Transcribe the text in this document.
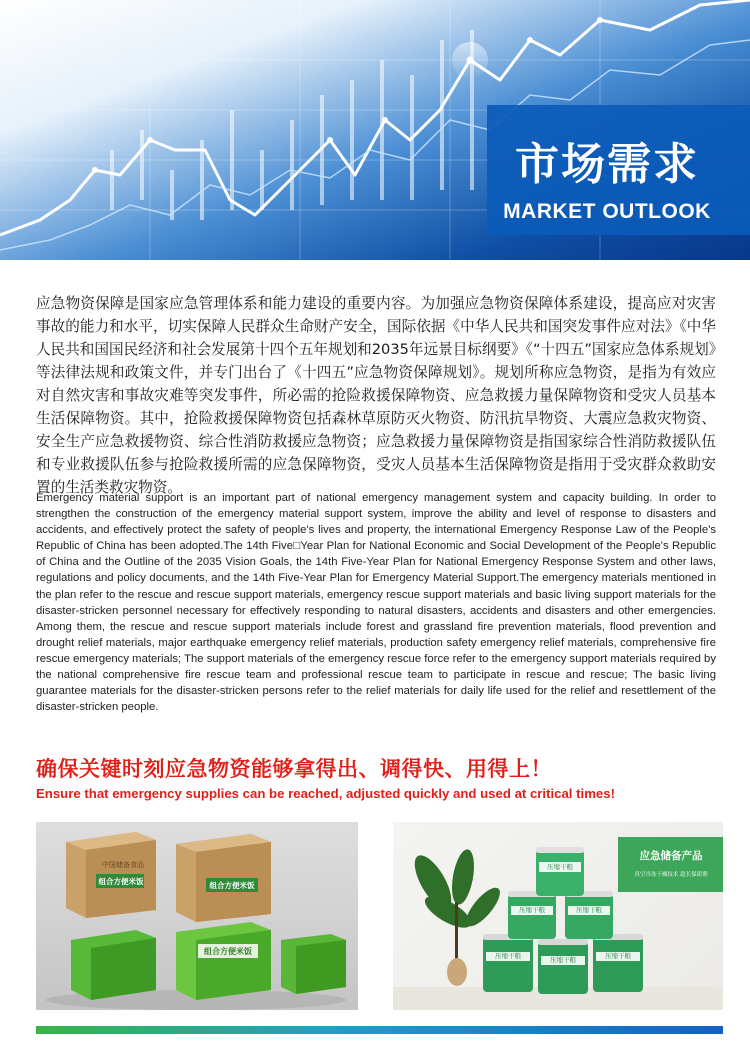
市场需求
MARKET OUTLOOK

应急物资保障是国家应急管理体系和能力建设的重要内容。为加强应急物资保障体系建设，提高应对灾害事故的能力和水平，切实保障人民群众生命财产安全，国际依据《中华人民共和国突发事件应对法》《中华人民共和国国民经济和社会发展第十四个五年规划和2035年远景目标纲要》《“十四五”国家应急体系规划》等法律法规和政策文件，并专门出台了《十四五”应急物资保障规划》。规划所称应急物资，是指为有效应对自然灾害和事故灾难等突发事件，所必需的抢险救援保障物资、应急救援力量保障物资和受灾人员基本生活保障物资。其中，抢险救援保障物资包括森林草原防灭火物资、防汛抗旱物资、大震应急救灾物资、安全生产应急救援物资、综合性消防救援应急物资；应急救援力量保障物资是指国家综合性消防救援队伍和专业救援队伍参与抢险救援所需的应急保障物资，受灾人员基本生活保障物资是指用于受灾群众救助安置的生活类救灾物资。

Emergency material support is an important part of national emergency management system and capacity building. In order to strengthen the construction of the emergency material support system, improve the ability and level of response to disasters and accidents, and effectively protect the safety of people's lives and property, the international Emergency Response Law of the People's Republic of China has been adopted.The 14th Five□Year Plan for National Economic and Social Development of the People's Republic of China and the Outline of the 2035 Vision Goals, the 14th Five-Year Plan for National Emergency Response System and other laws, regulations and policy documents, and the 14th Five-Year Plan for Emergency Material Support.The emergency materials mentioned in the plan refer to the rescue and rescue support materials, emergency rescue support materials and basic living support materials for the disaster-stricken personnel necessary for effectively responding to natural disasters, accidents and disasters and other emergencies. Among them, the rescue and rescue support materials include forest and grassland fire prevention materials, flood prevention and drought relief materials, major earthquake emergency relief materials, production safety emergency relief materials, comprehensive fire rescue emergency materials; The support materials of the emergency rescue force refer to the emergency support materials required by the national comprehensive fire rescue team and professional rescue team to participate in rescue and rescue; The basic living guarantee materials for the disaster-stricken persons refer to the relief materials for daily life used for the relief and resettlement of the disaster-stricken people.

确保关键时刻应急物资能够拿得出、调得快、用得上！
Ensure that emergency supplies can be reached, adjusted quickly and used at critical times!
中国储备食品
组合方便米饭	组合方便米饭
组合方便米饭
应急储备产品
真空冷冻干燥技术 超长保质期
压缩干粮
压缩干粮	压缩干粮
压缩干粮	压缩干粮	压缩干粮
